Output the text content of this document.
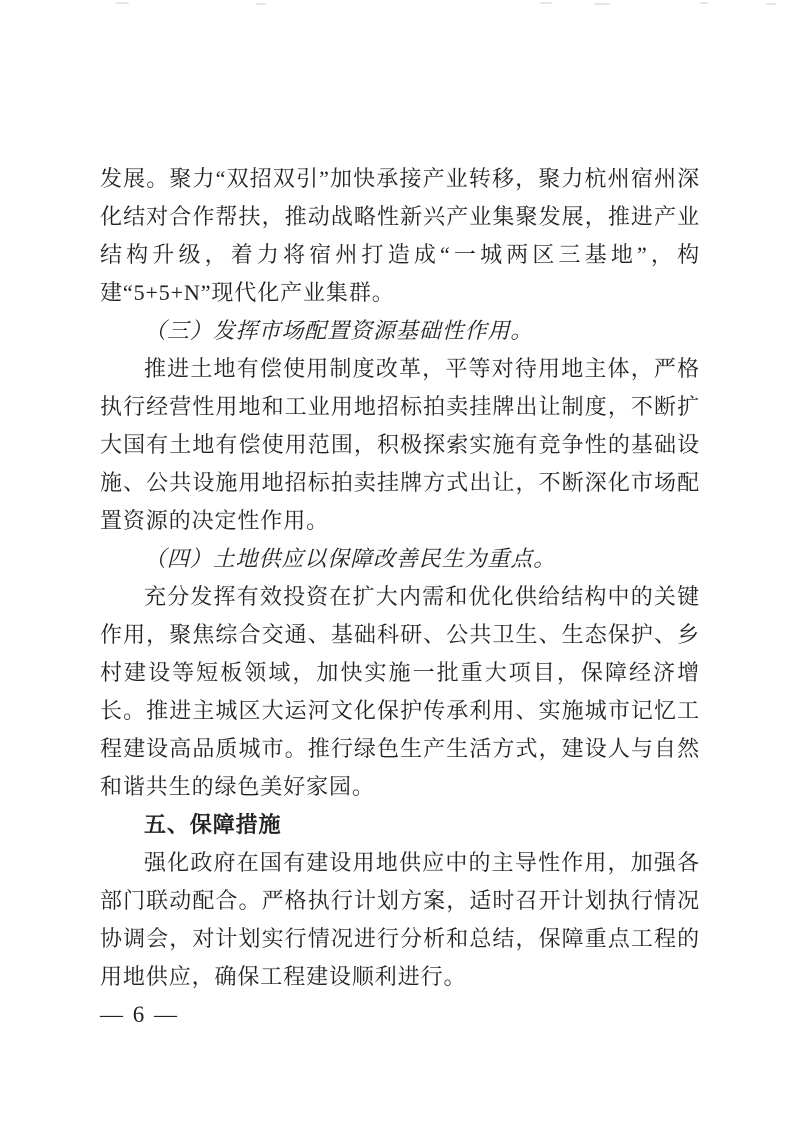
发展。聚力“双招双引”加快承接产业转移，聚力杭州宿州深化结对合作帮扶，推动战略性新兴产业集聚发展，推进产业结构升级，着力将宿州打造成“一城两区三基地”，构建“5+5+N”现代化产业集群。

（三）发挥市场配置资源基础性作用。

推进土地有偿使用制度改革，平等对待用地主体，严格执行经营性用地和工业用地招标拍卖挂牌出让制度，不断扩大国有土地有偿使用范围，积极探索实施有竞争性的基础设施、公共设施用地招标拍卖挂牌方式出让，不断深化市场配置资源的决定性作用。

（四）土地供应以保障改善民生为重点。

充分发挥有效投资在扩大内需和优化供给结构中的关键作用，聚焦综合交通、基础科研、公共卫生、生态保护、乡村建设等短板领域，加快实施一批重大项目，保障经济增长。推进主城区大运河文化保护传承利用、实施城市记忆工程建设高品质城市。推行绿色生产生活方式，建设人与自然和谐共生的绿色美好家园。

五、保障措施

强化政府在国有建设用地供应中的主导性作用，加强各部门联动配合。严格执行计划方案，适时召开计划执行情况协调会，对计划实行情况进行分析和总结，保障重点工程的用地供应，确保工程建设顺利进行。

— 6 —
